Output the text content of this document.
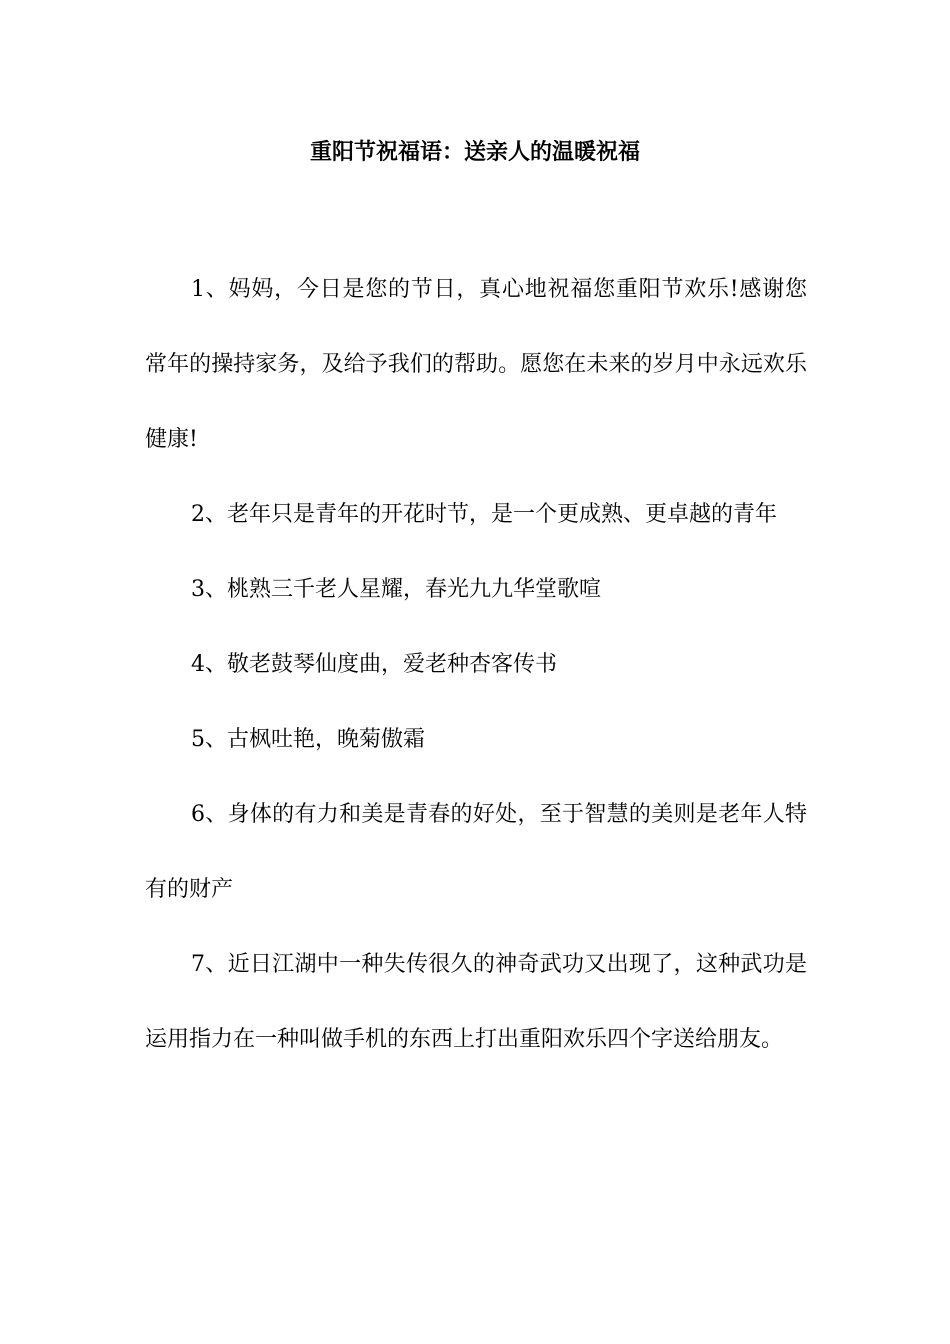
重阳节祝福语：送亲人的温暖祝福

1、妈妈，今日是您的节日，真心地祝福您重阳节欢乐!感谢您常年的操持家务，及给予我们的帮助。愿您在未来的岁月中永远欢乐健康!

2、老年只是青年的开花时节，是一个更成熟、更卓越的青年

3、桃熟三千老人星耀，春光九九华堂歌喧

4、敬老鼓琴仙度曲，爱老种杏客传书

5、古枫吐艳，晚菊傲霜

6、身体的有力和美是青春的好处，至于智慧的美则是老年人特有的财产

7、近日江湖中一种失传很久的神奇武功又出现了，这种武功是运用指力在一种叫做手机的东西上打出重阳欢乐四个字送给朋友。
